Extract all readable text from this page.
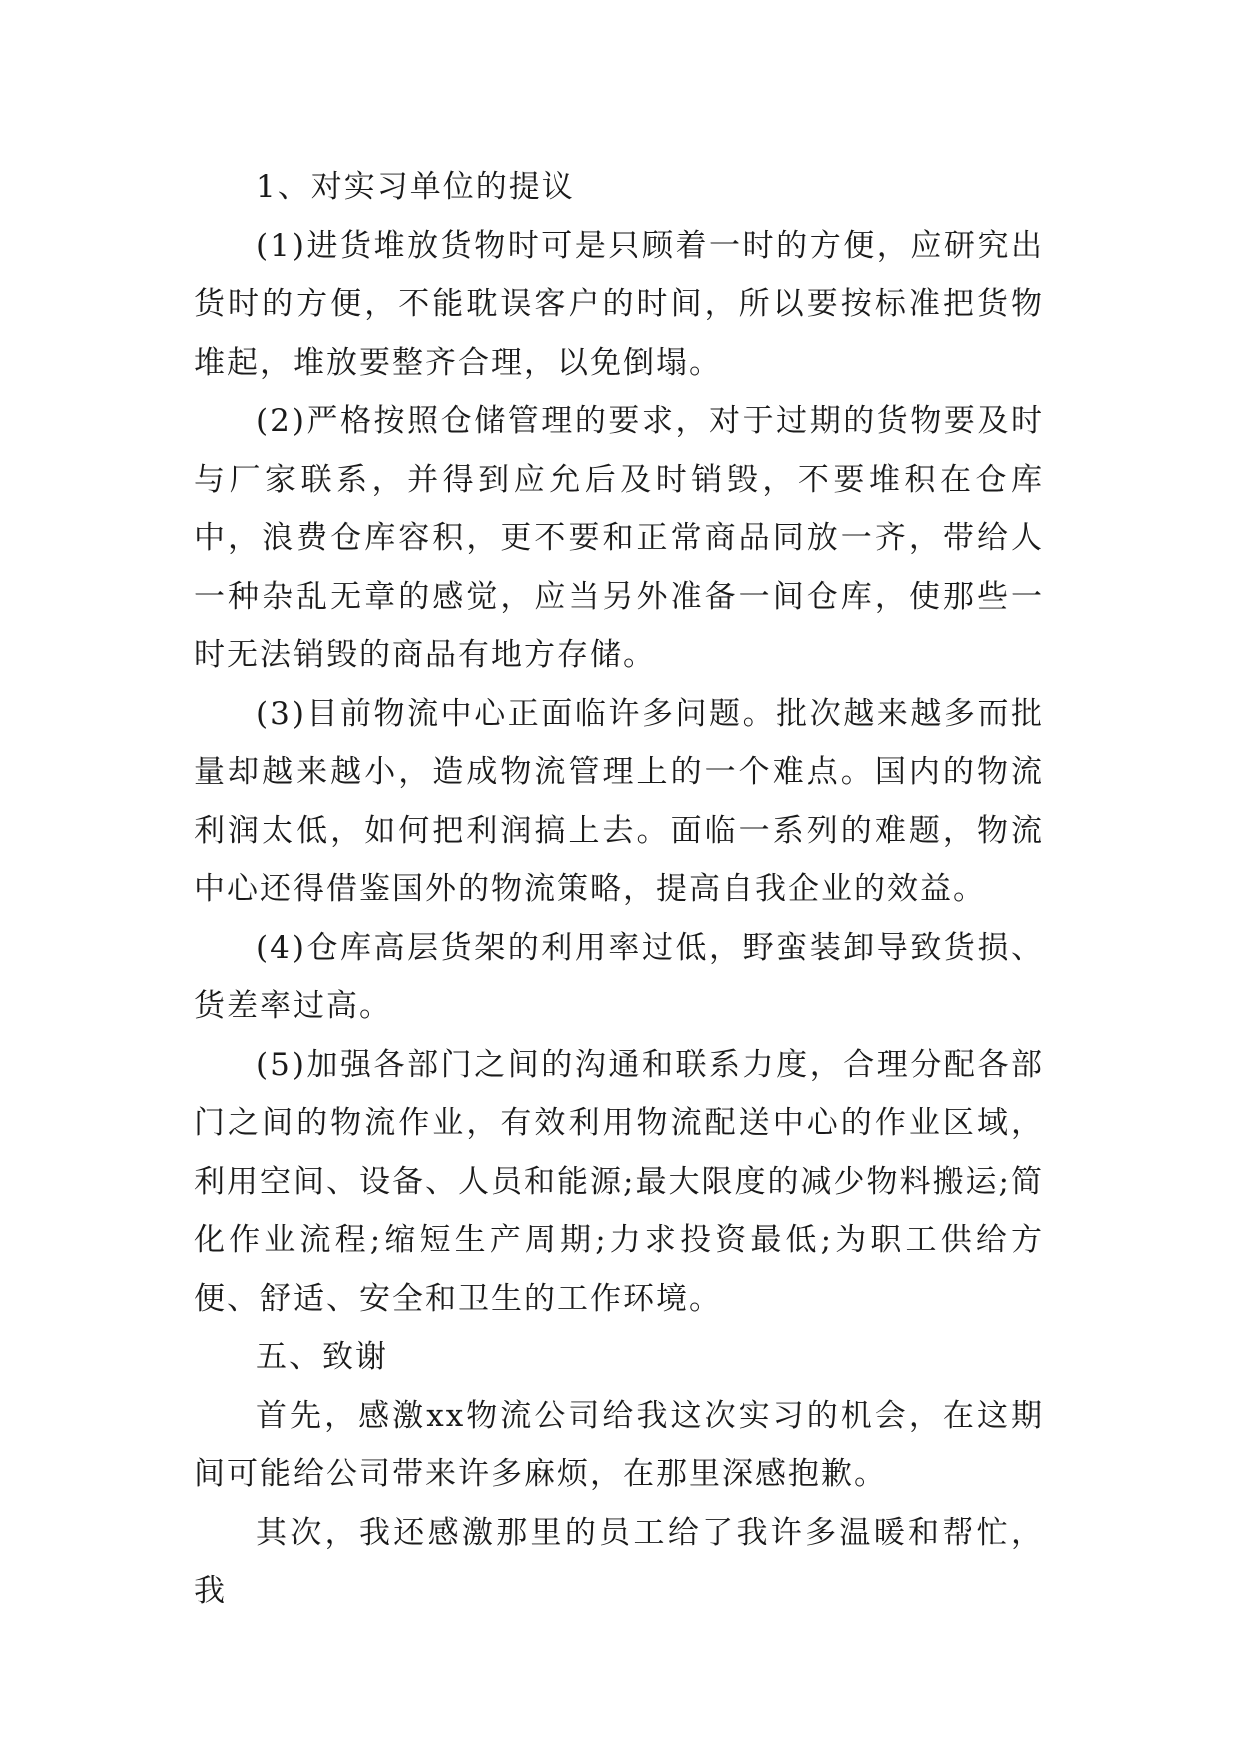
1、对实习单位的提议

(1)进货堆放货物时可是只顾着一时的方便，应研究出货时的方便，不能耽误客户的时间，所以要按标准把货物堆起，堆放要整齐合理，以免倒塌。

(2)严格按照仓储管理的要求，对于过期的货物要及时与厂家联系，并得到应允后及时销毁，不要堆积在仓库中，浪费仓库容积，更不要和正常商品同放一齐，带给人一种杂乱无章的感觉，应当另外准备一间仓库，使那些一时无法销毁的商品有地方存储。

(3)目前物流中心正面临许多问题。批次越来越多而批量却越来越小，造成物流管理上的一个难点。国内的物流利润太低，如何把利润搞上去。面临一系列的难题，物流中心还得借鉴国外的物流策略，提高自我企业的效益。

(4)仓库高层货架的利用率过低，野蛮装卸导致货损、货差率过高。

(5)加强各部门之间的沟通和联系力度，合理分配各部门之间的物流作业，有效利用物流配送中心的作业区域，利用空间、设备、人员和能源;最大限度的减少物料搬运;简化作业流程;缩短生产周期;力求投资最低;为职工供给方便、舒适、安全和卫生的工作环境。

五、致谢

首先，感激xx物流公司给我这次实习的机会，在这期间可能给公司带来许多麻烦，在那里深感抱歉。

其次，我还感激那里的员工给了我许多温暖和帮忙，我
